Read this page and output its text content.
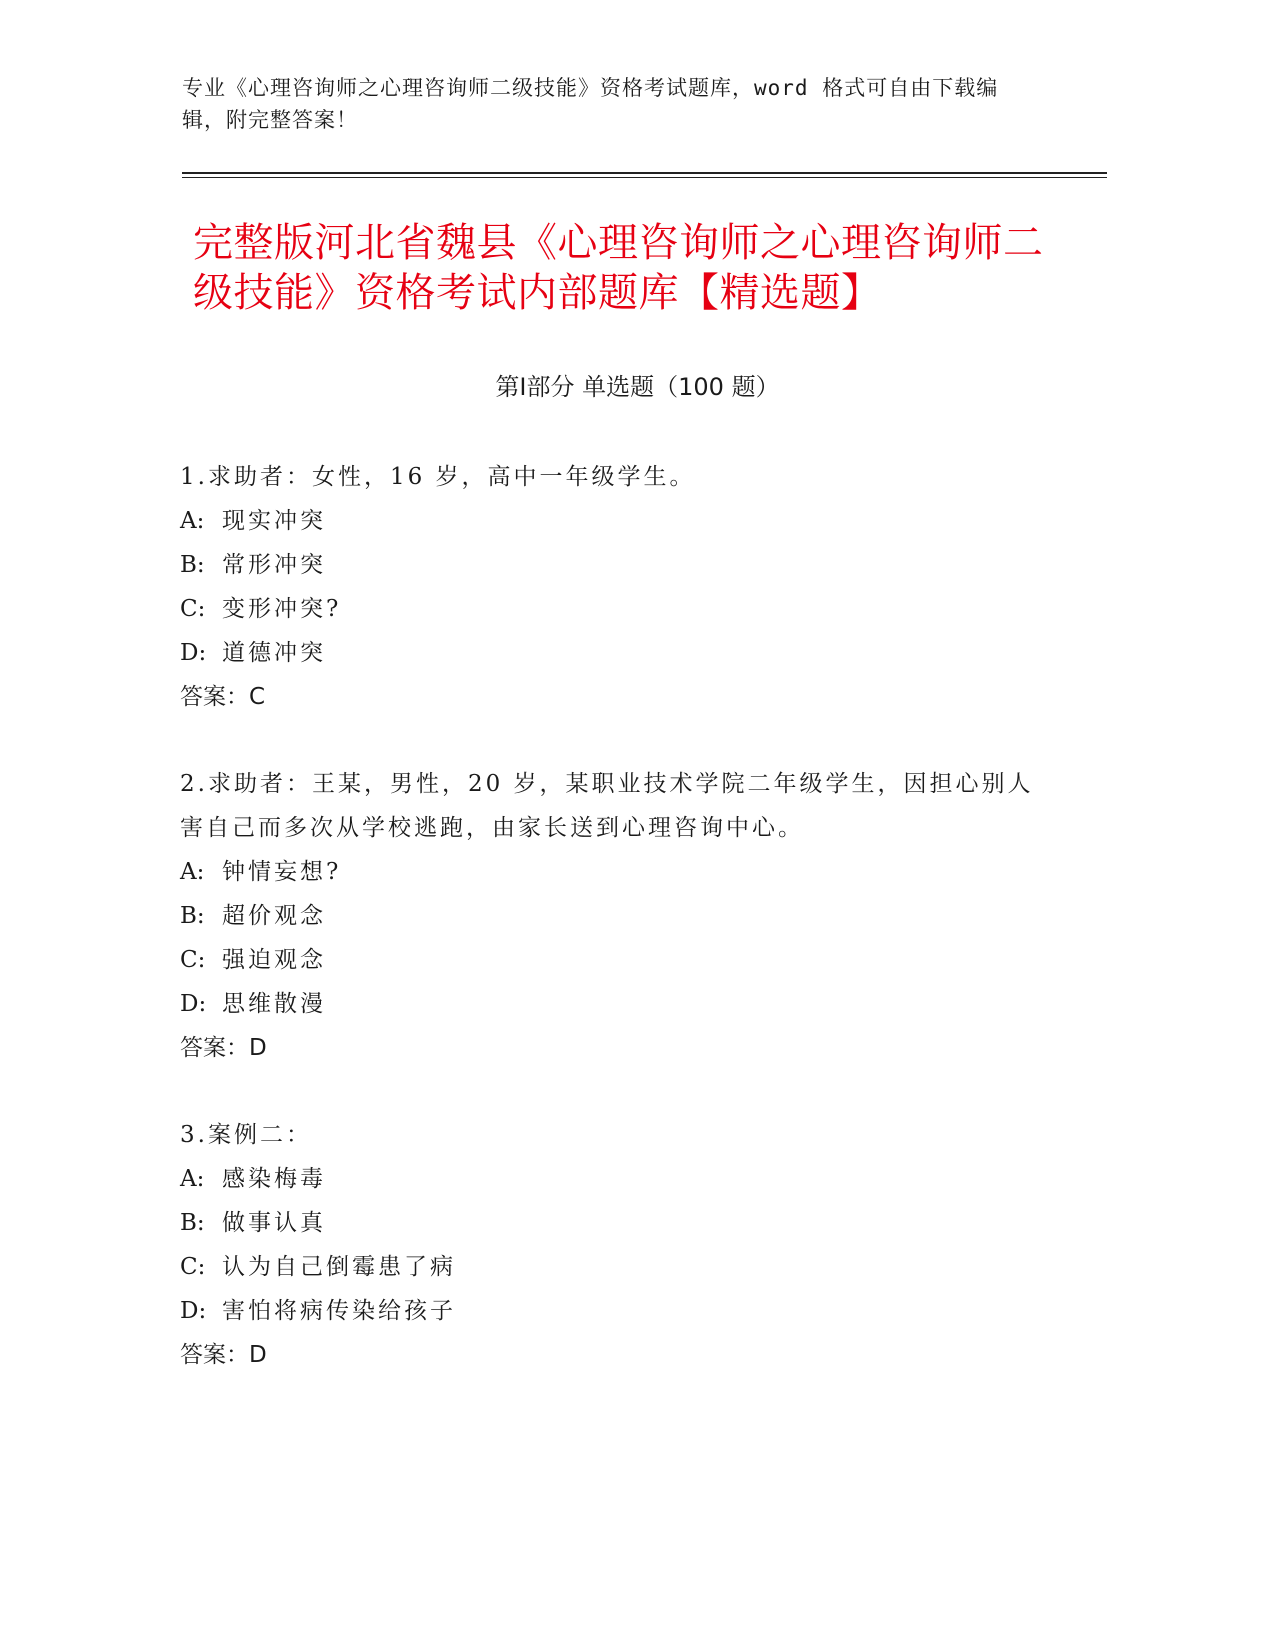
专业《心理咨询师之心理咨询师二级技能》资格考试题库，word 格式可自由下载编辑，附完整答案！
完整版河北省魏县《心理咨询师之心理咨询师二级技能》资格考试内部题库【精选题】
第Ⅰ部分 单选题（100 题）

1.求助者：女性，16 岁，高中一年级学生。

A: 现实冲突

B: 常形冲突

C: 变形冲突?

D: 道德冲突

答案：C

2.求助者：王某，男性，20 岁，某职业技术学院二年级学生，因担心别人害自己而多次从学校逃跑，由家长送到心理咨询中心。

A: 钟情妄想?

B: 超价观念

C: 强迫观念

D: 思维散漫

答案：D

3.案例二：

A: 感染梅毒

B: 做事认真

C: 认为自己倒霉患了病

D: 害怕将病传染给孩子

答案：D
